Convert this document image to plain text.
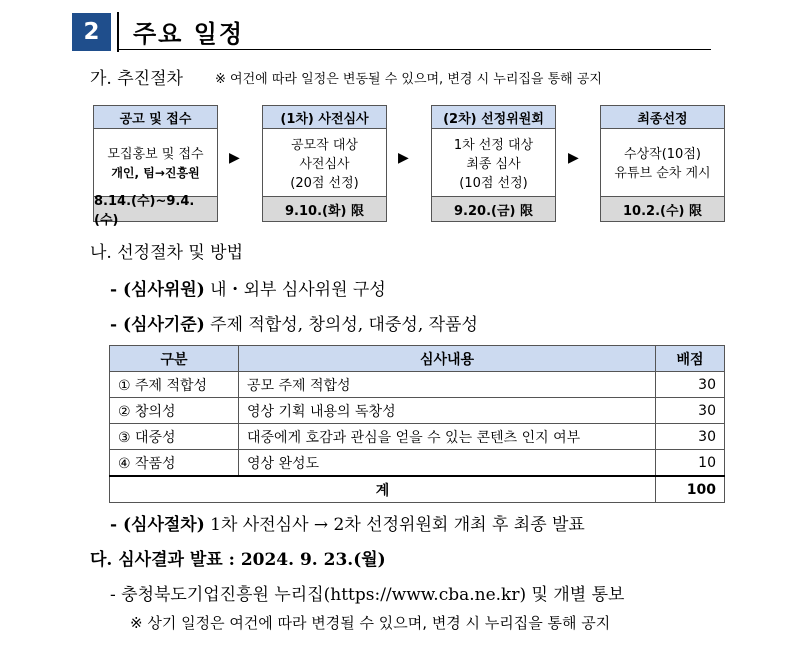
2 주요 일정
가. 추진절차 ※ 여건에 따라 일정은 변동될 수 있으며, 변경 시 누리집을 통해 공지
공고 및 접수
모집홍보 및 접수
개인, 팀→진흥원
8.14.(수)~9.4.(수)
▶
(1차) 사전심사
공모작 대상
사전심사
(20점 선정)
9.10.(화) 限
▶
(2차) 선정위원회
1차 선정 대상
최종 심사
(10점 선정)
9.20.(금) 限
▶
최종선정
수상작(10점)
유튜브 순차 게시
10.2.(수) 限
나. 선정절차 및 방법
- (심사위원) 내・외부 심사위원 구성
- (심사기준) 주제 적합성, 창의성, 대중성, 작품성
구분	심사내용	배점
① 주제 적합성	공모 주제 적합성	30
② 창의성	영상 기획 내용의 독창성	30
③ 대중성	대중에게 호감과 관심을 얻을 수 있는 콘텐츠 인지 여부	30
④ 작품성	영상 완성도	10
계		100
- (심사절차) 1차 사전심사 → 2차 선정위원회 개최 후 최종 발표
다. 심사결과 발표 : 2024. 9. 23.(월)
- 충청북도기업진흥원 누리집(https://www.cba.ne.kr) 및 개별 통보
※ 상기 일정은 여건에 따라 변경될 수 있으며, 변경 시 누리집을 통해 공지
